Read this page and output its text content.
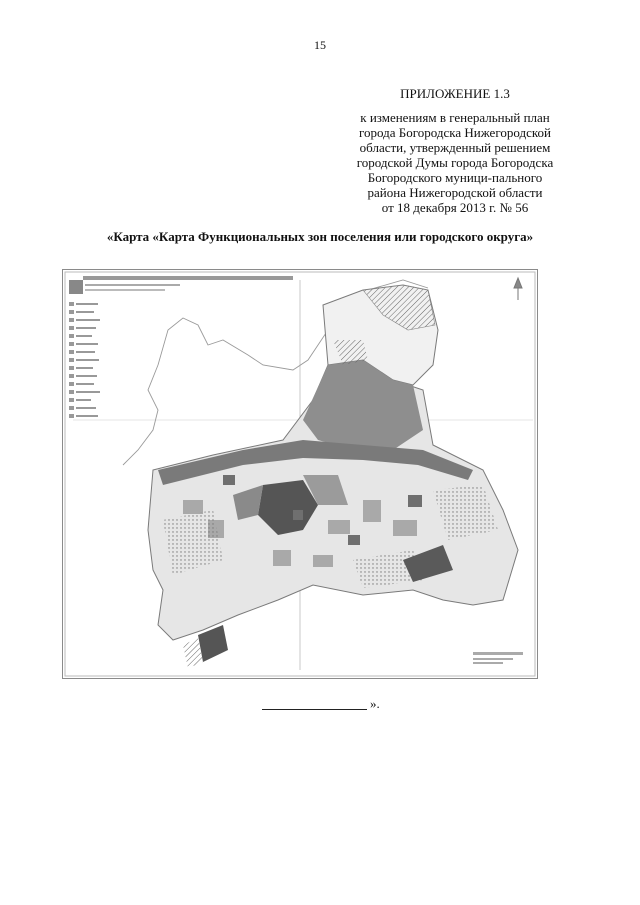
15
ПРИЛОЖЕНИЕ 1.3
к изменениям в генеральный план
города Богородска Нижегородской
области, утвержденный решением
городской Думы города Богородска
Богородского муници-пального
района Нижегородской области
от 18 декабря 2013 г. № 56
«Карта «Карта Функциональных зон поселения или городского округа»
».
